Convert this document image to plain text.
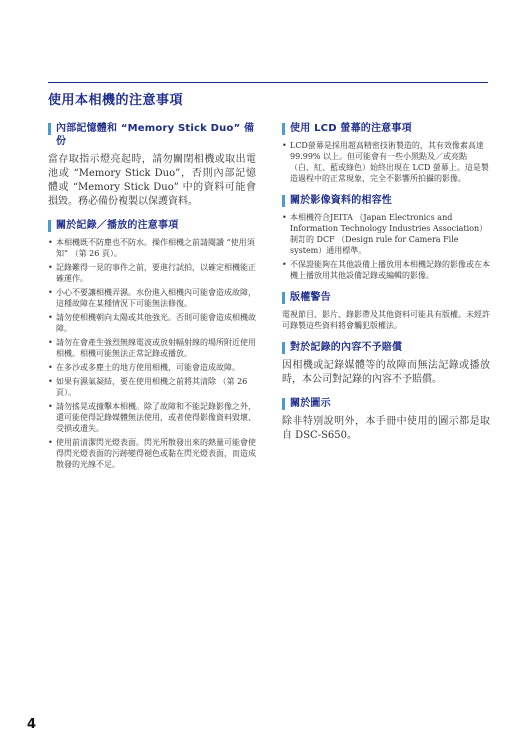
使用本相機的注意事項
內部記憶體和 “Memory Stick Duo” 備份

當存取指示燈亮起時，請勿關閉相機或取出電池或 “Memory Stick Duo”，否則內部記憶體或 “Memory Stick Duo” 中的資料可能會損毀。務必備份複製以保護資料。

關於記錄／播放的注意事項
• 本相機既不防塵也不防水。操作相機之前請閱讀 “使用須知” （第 26 頁）。
• 記錄難得一見的事件之前，要進行試拍，以確定相機能正確運作。
• 小心不要讓相機弄濕。水份進入相機內可能會造成故障，這種故障在某種情況下可能無法修復。
• 請勿使相機朝向太陽或其他強光。否則可能會造成相機故障。
• 請勿在會產生強烈無線電波或放射幅射線的場所附近使用相機。相機可能無法正常記錄或播放。
• 在多沙或多塵土的地方使用相機，可能會造成故障。
• 如果有濕氣凝結，要在使用相機之前將其清除 （第 26 頁）。
• 請勿搖晃或撞擊本相機。除了故障和不能記錄影像之外，還可能使得記錄媒體無法使用，或者使得影像資料毀壞、受損或遺失。
• 使用前清潔閃光燈表面。閃光所散發出來的熱量可能會使得閃光燈表面的污跡變得褪色或黏在閃光燈表面，而造成散發的光線不足。
使用 LCD 螢幕的注意事項
• LCD螢幕是採用超高精密技術製造的，其有效像素高達 99.99% 以上。但可能會有一些小黑點及／或亮點 （白、紅、藍或綠色）始終出現在 LCD 螢幕上。這是製造過程中的正常現象，完全不影響所拍攝的影像。
關於影像資料的相容性
• 本相機符合JEITA （Japan Electronics and Information Technology Industries Association）制訂的 DCF （Design rule for Camera File system）通用標準。
• 不保證能夠在其他設備上播放用本相機記錄的影像或在本機上播放用其他設備記錄或編輯的影像。
版權警告

電視節目、影片、錄影帶及其他資料可能具有版權。未經許可錄製這些資料將會觸犯版權法。

對於記錄的內容不予賠償

因相機或記錄媒體等的故障而無法記錄或播放時，本公司對記錄的內容不予賠償。

關於圖示

除非特別說明外，本手冊中使用的圖示都是取自 DSC-S650。

4
